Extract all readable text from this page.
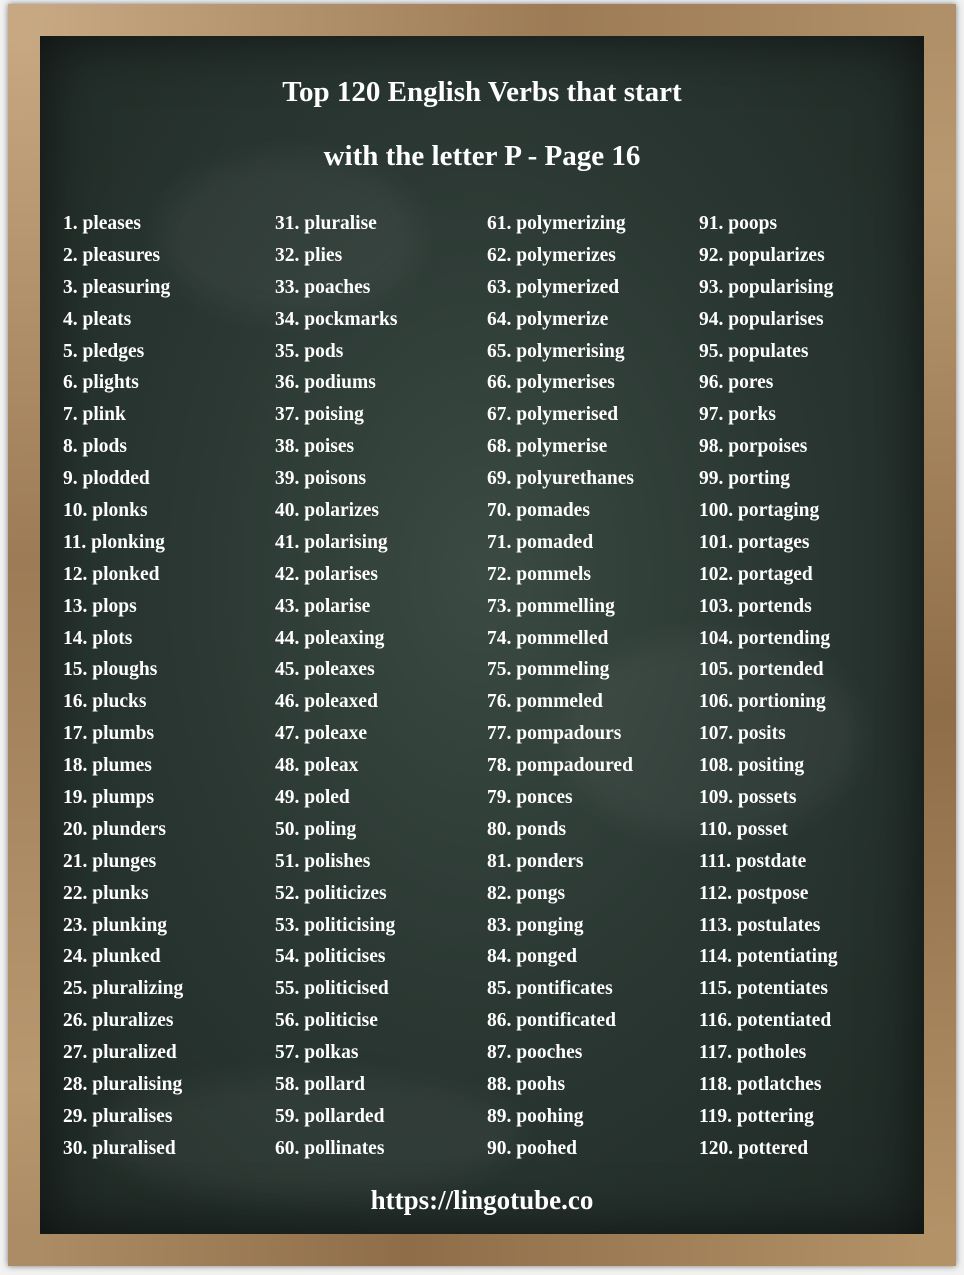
Top 120 English Verbs that start
with the letter P - Page 16
1. pleases
2. pleasures
3. pleasuring
4. pleats
5. pledges
6. plights
7. plink
8. plods
9. plodded
10. plonks
11. plonking
12. plonked
13. plops
14. plots
15. ploughs
16. plucks
17. plumbs
18. plumes
19. plumps
20. plunders
21. plunges
22. plunks
23. plunking
24. plunked
25. pluralizing
26. pluralizes
27. pluralized
28. pluralising
29. pluralises
30. pluralised
31. pluralise
32. plies
33. poaches
34. pockmarks
35. pods
36. podiums
37. poising
38. poises
39. poisons
40. polarizes
41. polarising
42. polarises
43. polarise
44. poleaxing
45. poleaxes
46. poleaxed
47. poleaxe
48. poleax
49. poled
50. poling
51. polishes
52. politicizes
53. politicising
54. politicises
55. politicised
56. politicise
57. polkas
58. pollard
59. pollarded
60. pollinates
61. polymerizing
62. polymerizes
63. polymerized
64. polymerize
65. polymerising
66. polymerises
67. polymerised
68. polymerise
69. polyurethanes
70. pomades
71. pomaded
72. pommels
73. pommelling
74. pommelled
75. pommeling
76. pommeled
77. pompadours
78. pompadoured
79. ponces
80. ponds
81. ponders
82. pongs
83. ponging
84. ponged
85. pontificates
86. pontificated
87. pooches
88. poohs
89. poohing
90. poohed
91. poops
92. popularizes
93. popularising
94. popularises
95. populates
96. pores
97. porks
98. porpoises
99. porting
100. portaging
101. portages
102. portaged
103. portends
104. portending
105. portended
106. portioning
107. posits
108. positing
109. possets
110. posset
111. postdate
112. postpose
113. postulates
114. potentiating
115. potentiates
116. potentiated
117. potholes
118. potlatches
119. pottering
120. pottered
https://lingotube.co
